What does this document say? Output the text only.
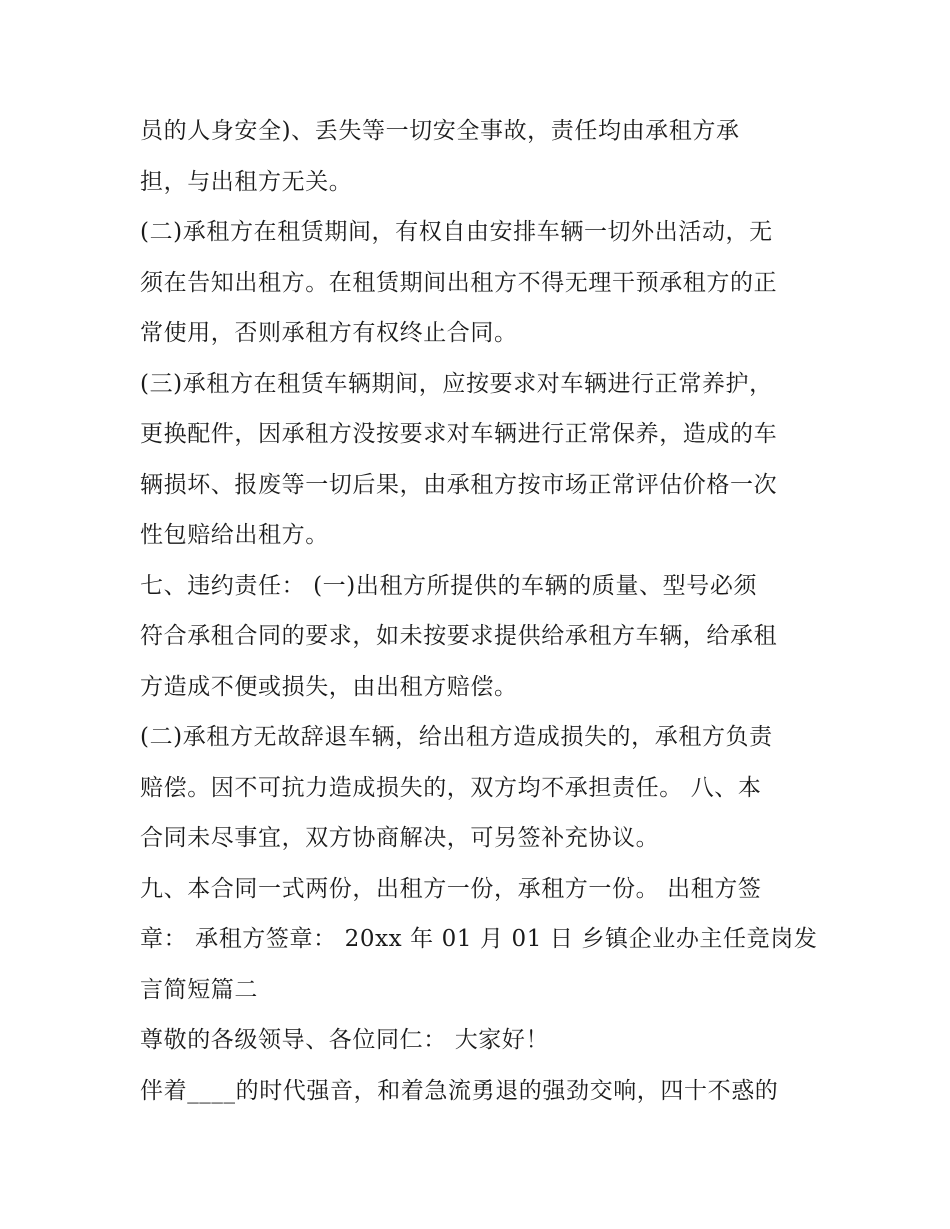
员的人身安全)、丢失等一切安全事故，责任均由承租方承
担，与出租方无关。
(二)承租方在租赁期间，有权自由安排车辆一切外出活动，无
须在告知出租方。在租赁期间出租方不得无理干预承租方的正
常使用，否则承租方有权终止合同。
(三)承租方在租赁车辆期间，应按要求对车辆进行正常养护，
更换配件，因承租方没按要求对车辆进行正常保养，造成的车
辆损坏、报废等一切后果，由承租方按市场正常评估价格一次
性包赔给出租方。
七、违约责任： (一)出租方所提供的车辆的质量、型号必须
符合承租合同的要求，如未按要求提供给承租方车辆，给承租
方造成不便或损失，由出租方赔偿。
(二)承租方无故辞退车辆，给出租方造成损失的，承租方负责
赔偿。因不可抗力造成损失的，双方均不承担责任。 八、本
合同未尽事宜，双方协商解决，可另签补充协议。
九、本合同一式两份，出租方一份，承租方一份。 出租方签
章： 承租方签章： 20xx 年 01 月 01 日 乡镇企业办主任竞岗发
言简短篇二
尊敬的各级领导、各位同仁： 大家好！
伴着____的时代强音，和着急流勇退的强劲交响，四十不惑的
